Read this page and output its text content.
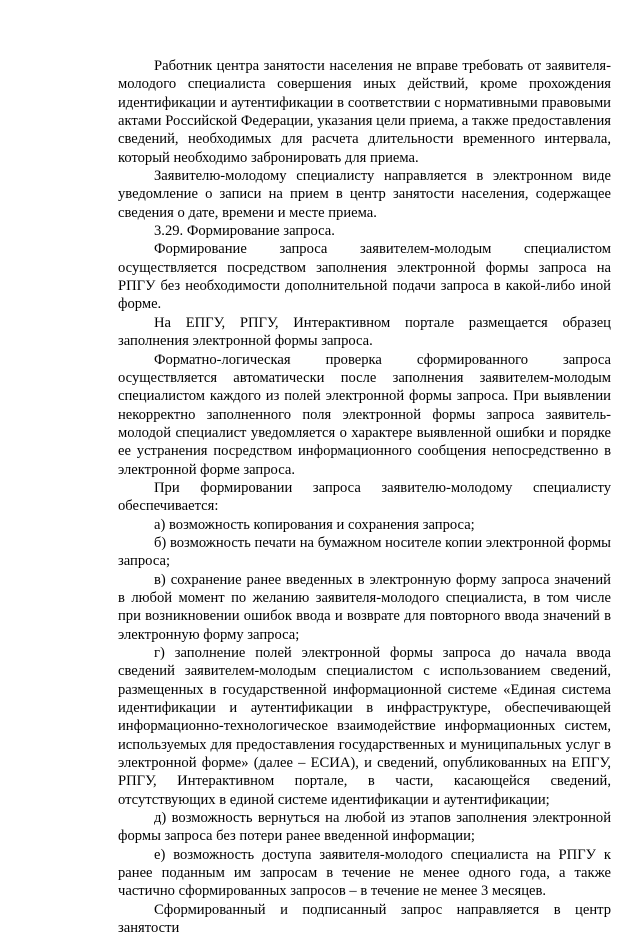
Работник центра занятости населения не вправе требовать от заявителя-молодого специалиста совершения иных действий, кроме прохождения идентификации и аутентификации в соответствии с нормативными правовыми актами Российской Федерации, указания цели приема, а также предоставления сведений, необходимых для расчета длительности временного интервала, который необходимо забронировать для приема.

Заявителю-молодому специалисту направляется в электронном виде уведомление о записи на прием в центр занятости населения, содержащее сведения о дате, времени и месте приема.

3.29. Формирование запроса.

Формирование запроса заявителем-молодым специалистом осуществляется посредством заполнения электронной формы запроса на РПГУ без необходимости дополнительной подачи запроса в какой-либо иной форме.

На ЕПГУ, РПГУ, Интерактивном портале размещается образец заполнения электронной формы запроса.

Форматно-логическая проверка сформированного запроса осуществляется автоматически после заполнения заявителем-молодым специалистом каждого из полей электронной формы запроса. При выявлении некорректно заполненного поля электронной формы запроса заявитель-молодой специалист уведомляется о характере выявленной ошибки и порядке ее устранения посредством информационного сообщения непосредственно в электронной форме запроса.

При формировании запроса заявителю-молодому специалисту обеспечивается:

а) возможность копирования и сохранения запроса;

б) возможность печати на бумажном носителе копии электронной формы запроса;

в) сохранение ранее введенных в электронную форму запроса значений в любой момент по желанию заявителя-молодого специалиста, в том числе при возникновении ошибок ввода и возврате для повторного ввода значений в электронную форму запроса;

г) заполнение полей электронной формы запроса до начала ввода сведений заявителем-молодым специалистом с использованием сведений, размещенных в государственной информационной системе «Единая система идентификации и аутентификации в инфраструктуре, обеспечивающей информационно-технологическое взаимодействие информационных систем, используемых для предоставления государственных и муниципальных услуг в электронной форме» (далее – ЕСИА), и сведений, опубликованных на ЕПГУ, РПГУ, Интерактивном портале, в части, касающейся сведений, отсутствующих в единой системе идентификации и аутентификации;

д) возможность вернуться на любой из этапов заполнения электронной формы запроса без потери ранее введенной информации;

е) возможность доступа заявителя-молодого специалиста на РПГУ к ранее поданным им запросам в течение не менее одного года, а также частично сформированных запросов – в течение не менее 3 месяцев.

Сформированный и подписанный запрос направляется в центр занятости
